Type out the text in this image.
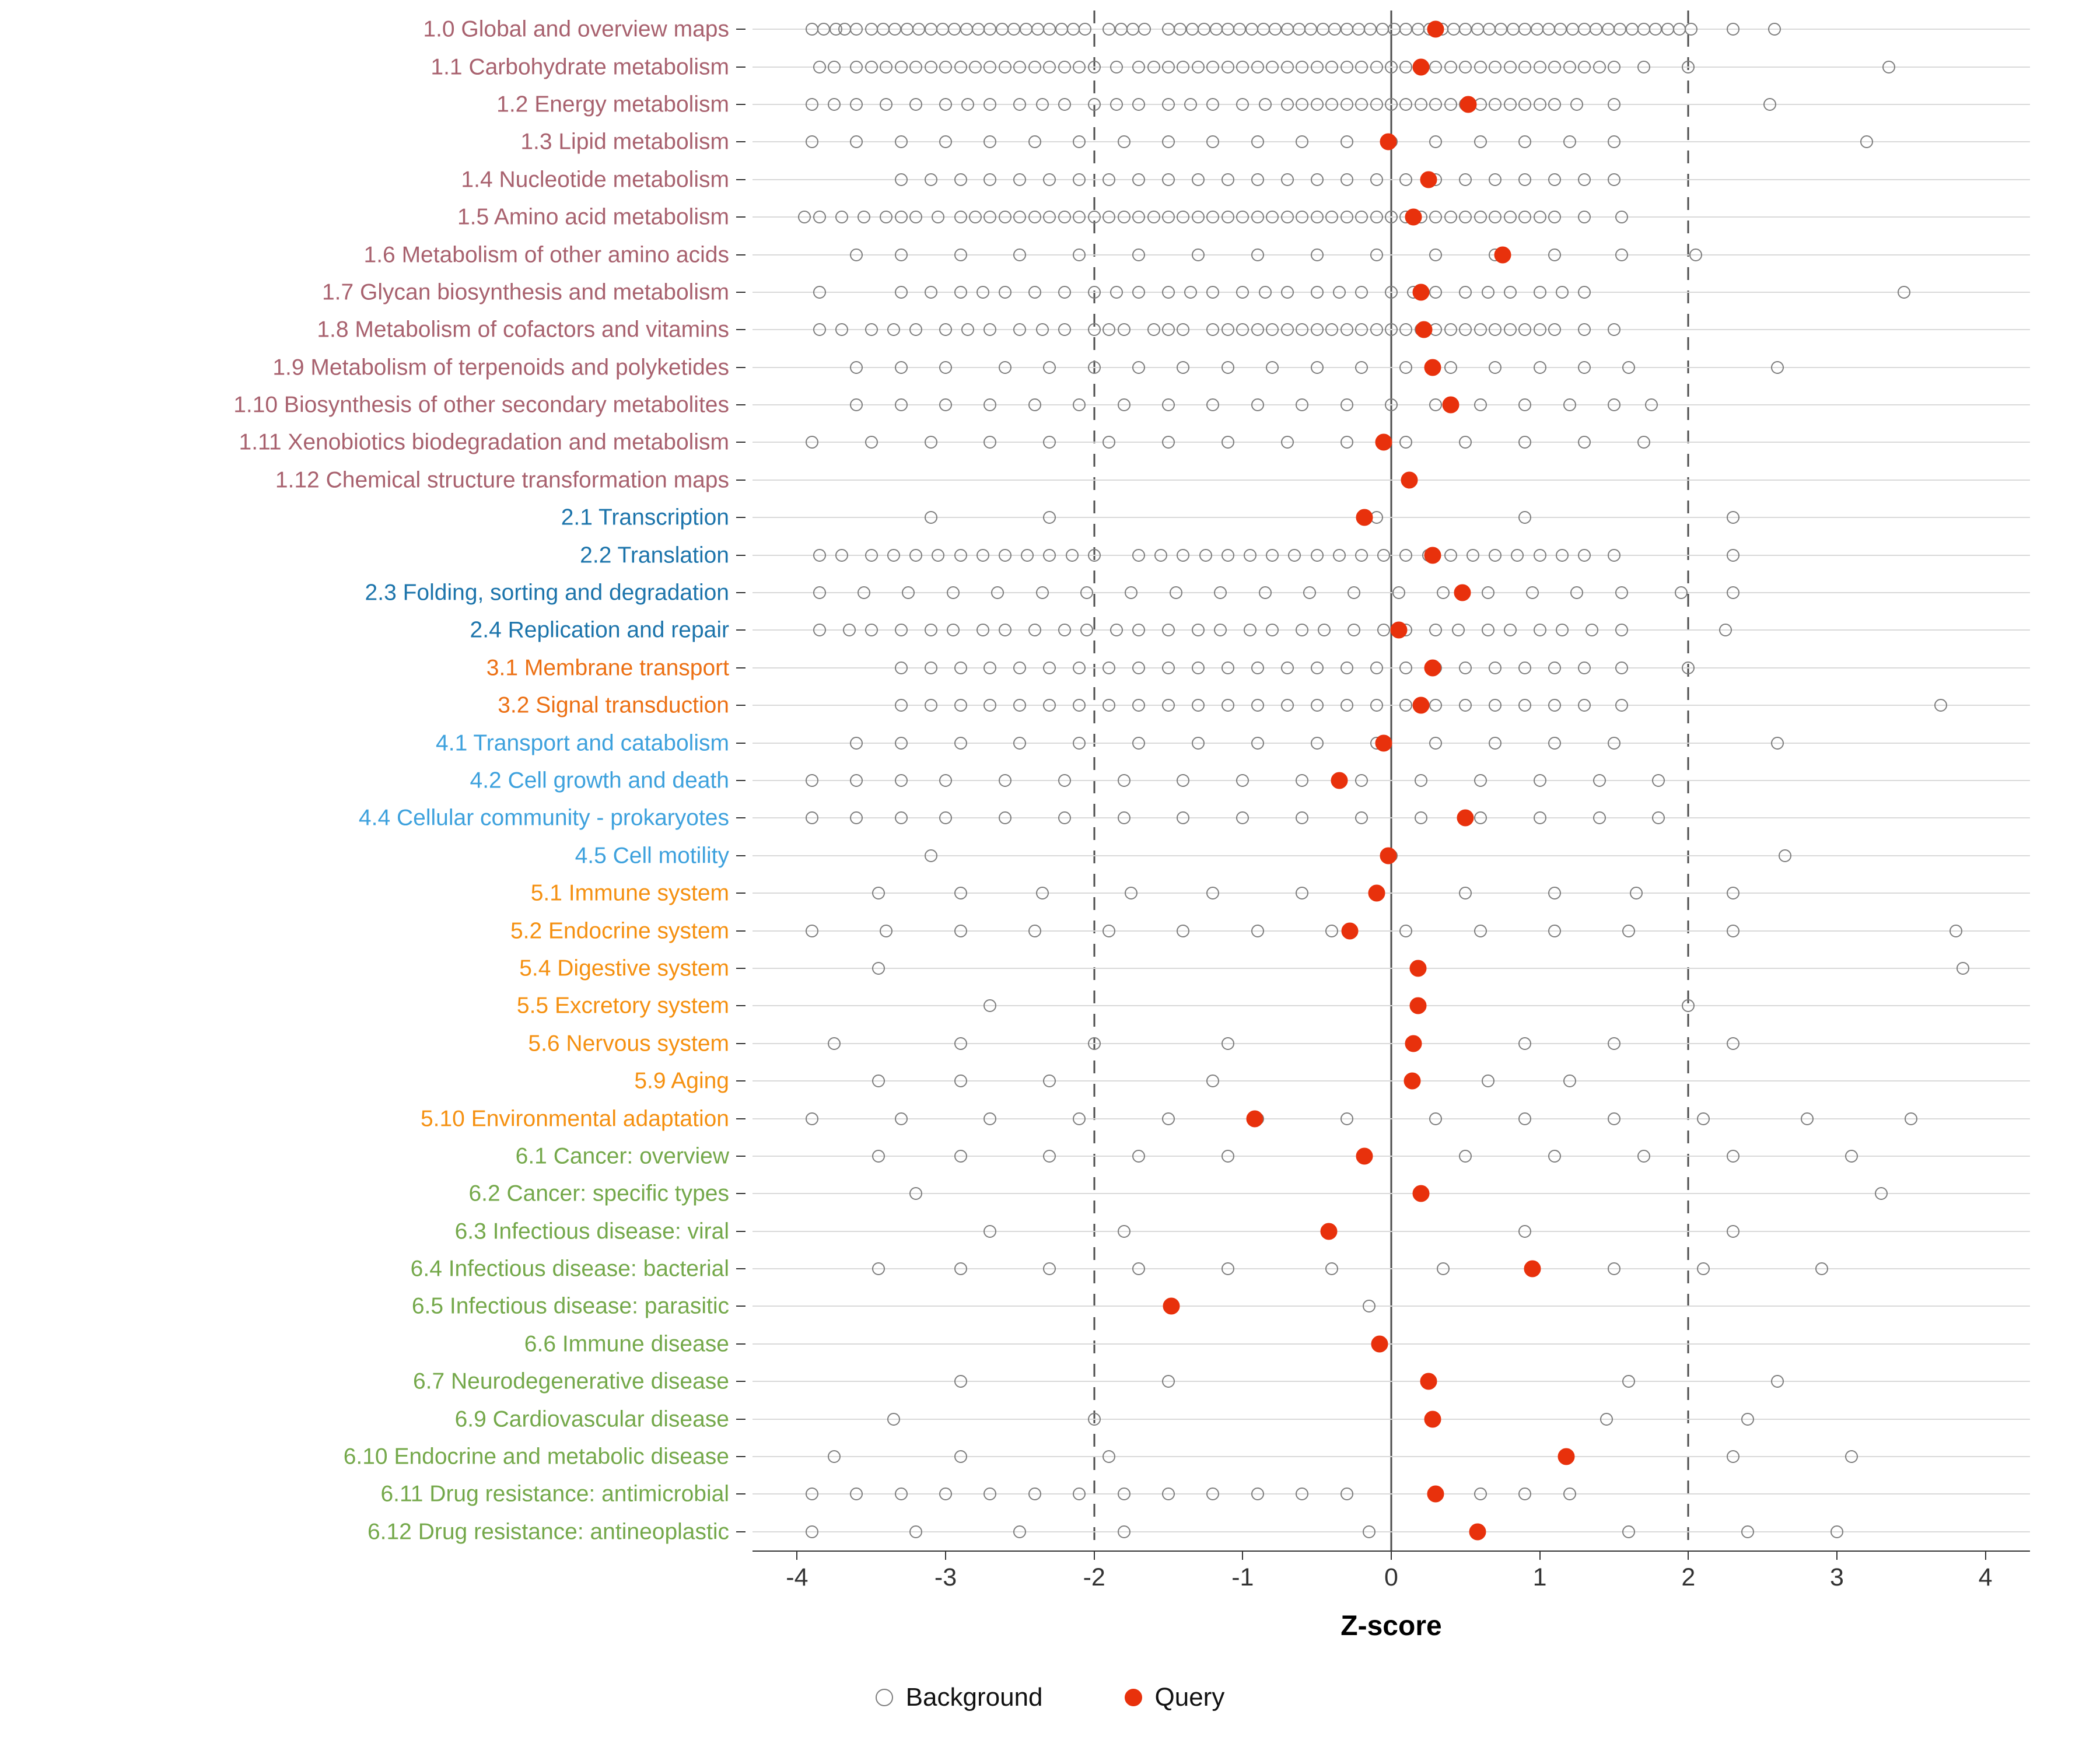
1.0 Global and overview maps
1.1 Carbohydrate metabolism
1.2 Energy metabolism
1.3 Lipid metabolism
1.4 Nucleotide metabolism
1.5 Amino acid metabolism
1.6 Metabolism of other amino acids
1.7 Glycan biosynthesis and metabolism
1.8 Metabolism of cofactors and vitamins
1.9 Metabolism of terpenoids and polyketides
1.10 Biosynthesis of other secondary metabolites
1.11 Xenobiotics biodegradation and metabolism
1.12 Chemical structure transformation maps
2.1 Transcription
2.2 Translation
2.3 Folding, sorting and degradation
2.4 Replication and repair
3.1 Membrane transport
3.2 Signal transduction
4.1 Transport and catabolism
4.2 Cell growth and death
4.4 Cellular community - prokaryotes
4.5 Cell motility
5.1 Immune system
5.2 Endocrine system
5.4 Digestive system
5.5 Excretory system
5.6 Nervous system
5.9 Aging
5.10 Environmental adaptation
6.1 Cancer: overview
6.2 Cancer: specific types
6.3 Infectious disease: viral
6.4 Infectious disease: bacterial
6.5 Infectious disease: parasitic
6.6 Immune disease
6.7 Neurodegenerative disease
6.9 Cardiovascular disease
6.10 Endocrine and metabolic disease
6.11 Drug resistance: antimicrobial
6.12 Drug resistance: antineoplastic
-4	-3	-2	-1	0	1	2	3	4
Z-score
Background	Query
